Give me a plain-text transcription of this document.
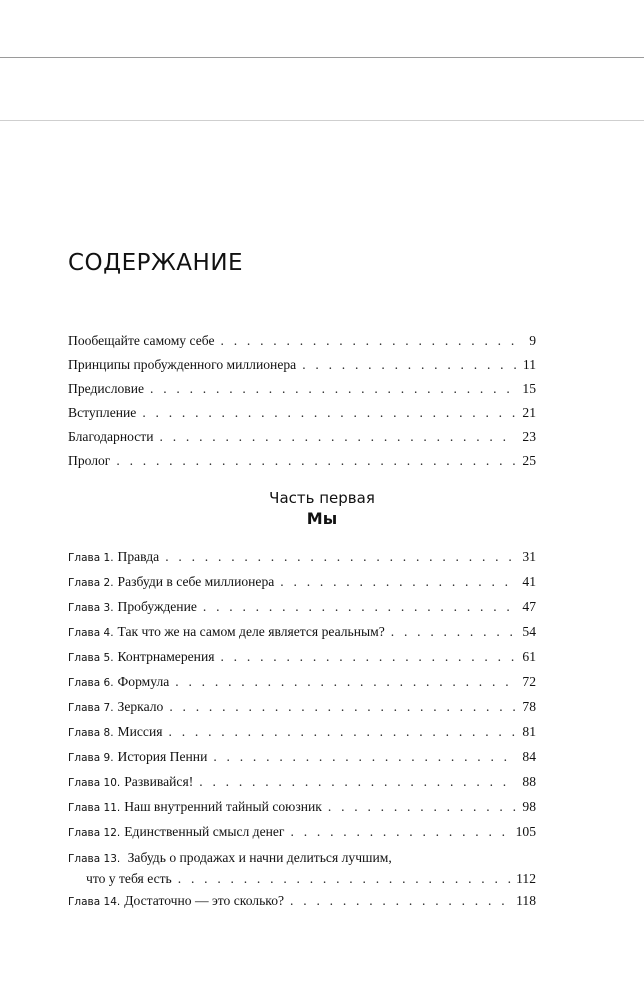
СОДЕРЖАНИЕ
Пообещайте самому себе . . .	9
Принципы пробужденного миллионера . . .	11
Предисловие . . .	15
Вступление . . .	21
Благодарности . . .	23
Пролог . . .	25
Часть первая
Мы
Глава 1. Правда . . .	31
Глава 2. Разбуди в себе миллионера . . .	41
Глава 3. Пробуждение . . .	47
Глава 4. Так что же на самом деле является реальным? . . .	54
Глава 5. Контрнамерения . . .	61
Глава 6. Формула . . .	72
Глава 7. Зеркало . . .	78
Глава 8. Миссия . . .	81
Глава 9. История Пенни . . .	84
Глава 10. Развивайся! . . .	88
Глава 11. Наш внутренний тайный союзник . . .	98
Глава 12. Единственный смысл денег . . .	105
Глава 13. Забудь о продажах и начни делиться лучшим,
что у тебя есть . . .	112
Глава 14. Достаточно — это сколько? . . .	118
